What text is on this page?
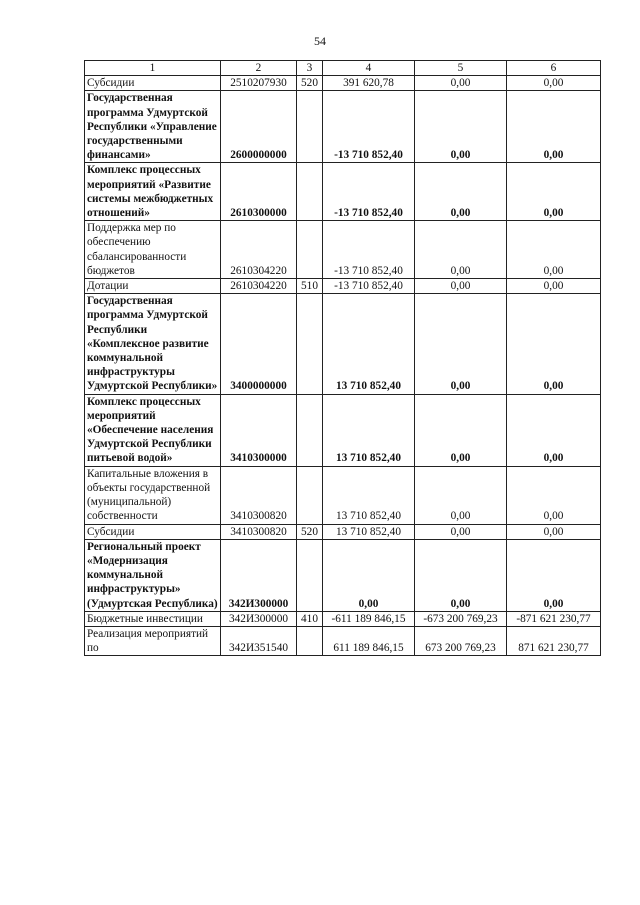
54
1	2	3	4	5	6
Субсидии	2510207930	520	391 620,78	0,00	0,00
Государственная программа Удмуртской Республики «Управление государственными финансами»	2600000000		-13 710 852,40	0,00	0,00
Комплекс процессных мероприятий «Развитие системы межбюджетных отношений»	2610300000		-13 710 852,40	0,00	0,00
Поддержка мер по обеспечению сбалансированности бюджетов	2610304220		-13 710 852,40	0,00	0,00
Дотации	2610304220	510	-13 710 852,40	0,00	0,00
Государственная программа Удмуртской Республики «Комплексное развитие коммунальной инфраструктуры Удмуртской Республики»	3400000000		13 710 852,40	0,00	0,00
Комплекс процессных мероприятий «Обеспечение населения Удмуртской Республики питьевой водой»	3410300000		13 710 852,40	0,00	0,00
Капитальные вложения в объекты государственной (муниципальной) собственности	3410300820		13 710 852,40	0,00	0,00
Субсидии	3410300820	520	13 710 852,40	0,00	0,00
Региональный проект «Модернизация коммунальной инфраструктуры» (Удмуртская Республика)	342И300000		0,00	0,00	0,00
Бюджетные инвестиции	342И300000	410	-611 189 846,15	-673 200 769,23	-871 621 230,77
Реализация мероприятий по	342И351540		611 189 846,15	673 200 769,23	871 621 230,77
